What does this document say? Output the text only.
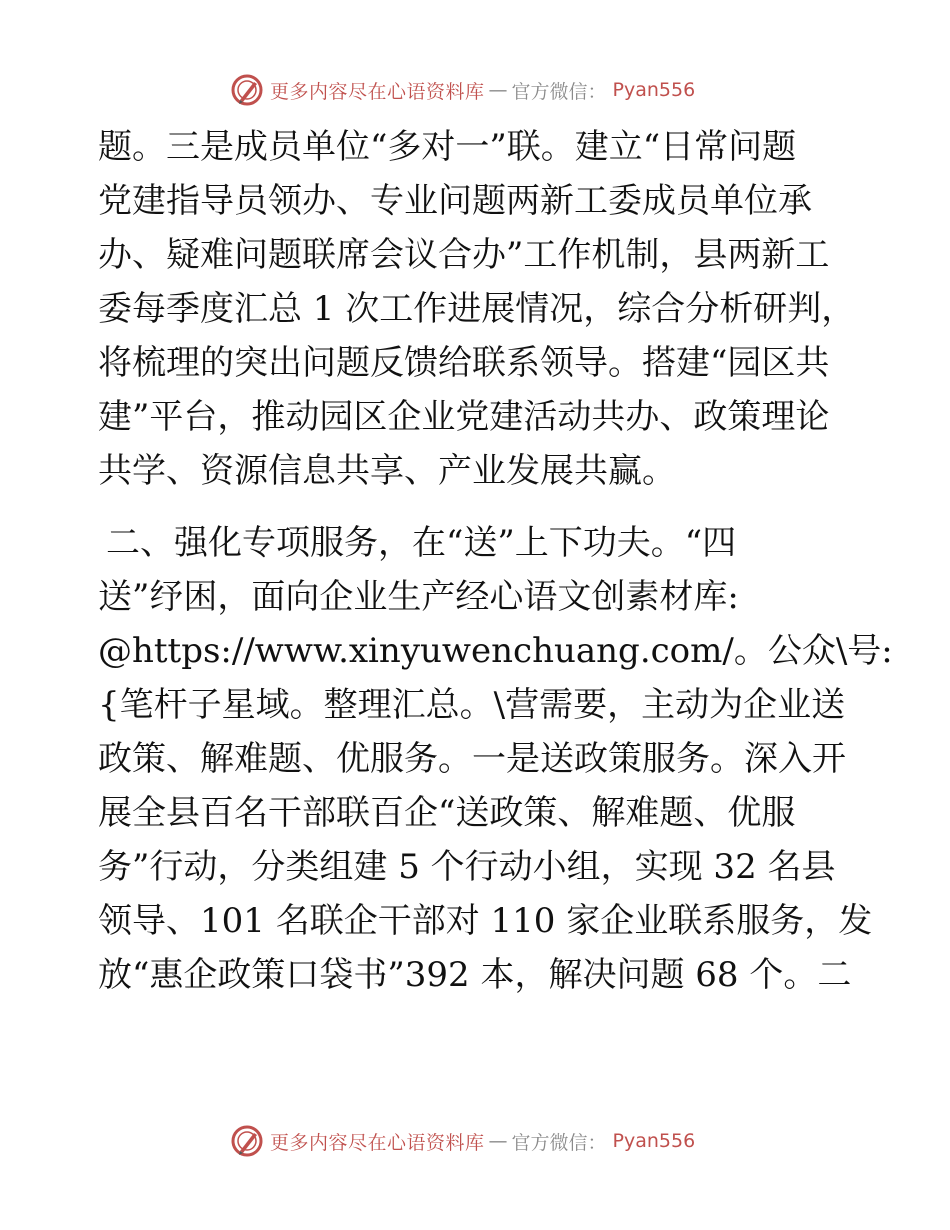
更多内容尽在心语资料库 — 官方微信： Pyan556
题。三是成员单位“多对一”联。建立“日常问题
党建指导员领办、专业问题两新工委成员单位承
办、疑难问题联席会议合办”工作机制，县两新工
委每季度汇总 1 次工作进展情况，综合分析研判，
将梳理的突出问题反馈给联系领导。搭建“园区共
建”平台，推动园区企业党建活动共办、政策理论
共学、资源信息共享、产业发展共赢。
二、强化专项服务，在“送”上下功夫。“四
送”纾困，面向企业生产经心语文创素材库:
@https://www.xinyuwenchuang.com/。公众\号:
{笔杆子星域。整理汇总。\营需要，主动为企业送
政策、解难题、优服务。一是送政策服务。深入开
展全县百名干部联百企“送政策、解难题、优服
务”行动，分类组建 5 个行动小组，实现 32 名县
领导、101 名联企干部对 110 家企业联系服务，发
放“惠企政策口袋书”392 本，解决问题 68 个。二
更多内容尽在心语资料库 — 官方微信： Pyan556
